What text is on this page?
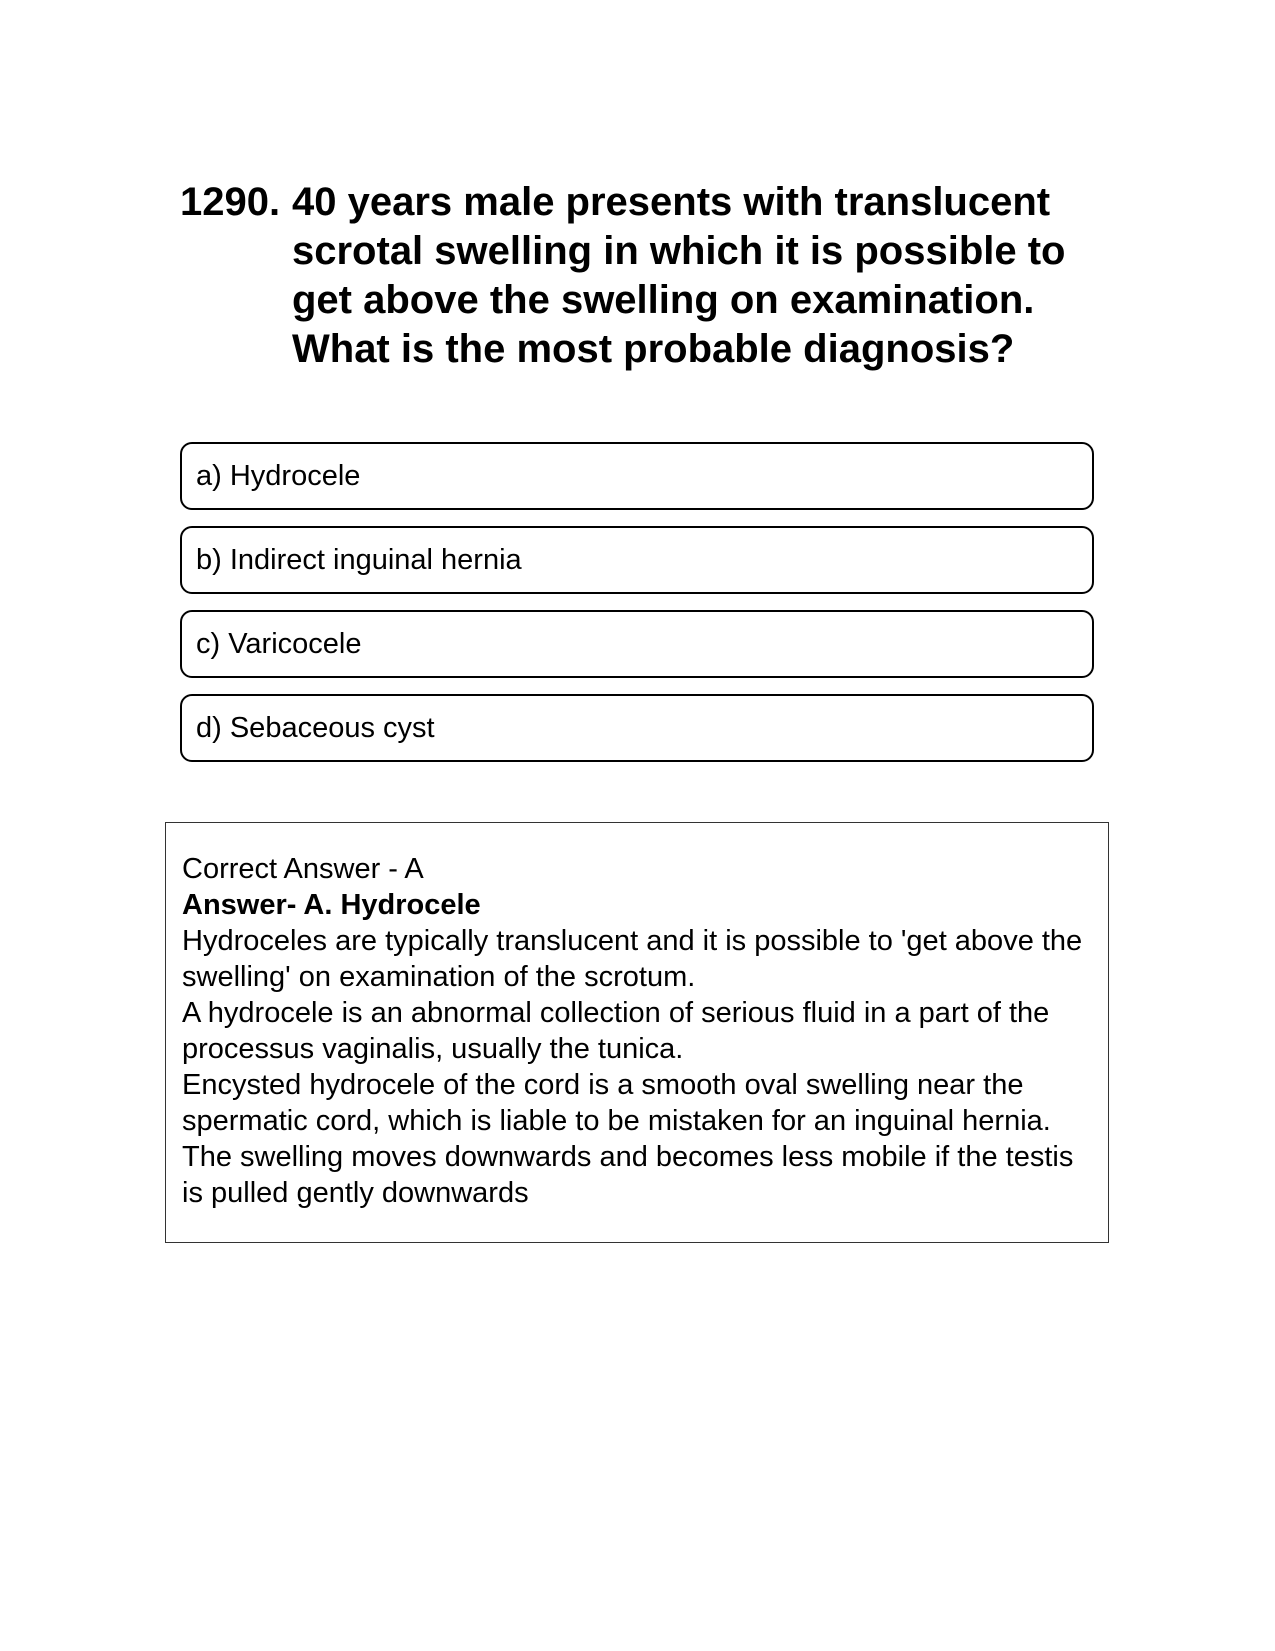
1290. 40 years male presents with translucent scrotal swelling in which it is possible to get above the swelling on examination. What is the most probable diagnosis?
a) Hydrocele
b) Indirect inguinal hernia
c) Varicocele
d) Sebaceous cyst

Correct Answer - A

Answer- A. Hydrocele

Hydroceles are typically translucent and it is possible to 'get above the swelling' on examination of the scrotum.

A hydrocele is an abnormal collection of serious fluid in a part of the processus vaginalis, usually the tunica.

Encysted hydrocele of the cord is a smooth oval swelling near the spermatic cord, which is liable to be mistaken for an inguinal hernia.

The swelling moves downwards and becomes less mobile if the testis is pulled gently downwards
